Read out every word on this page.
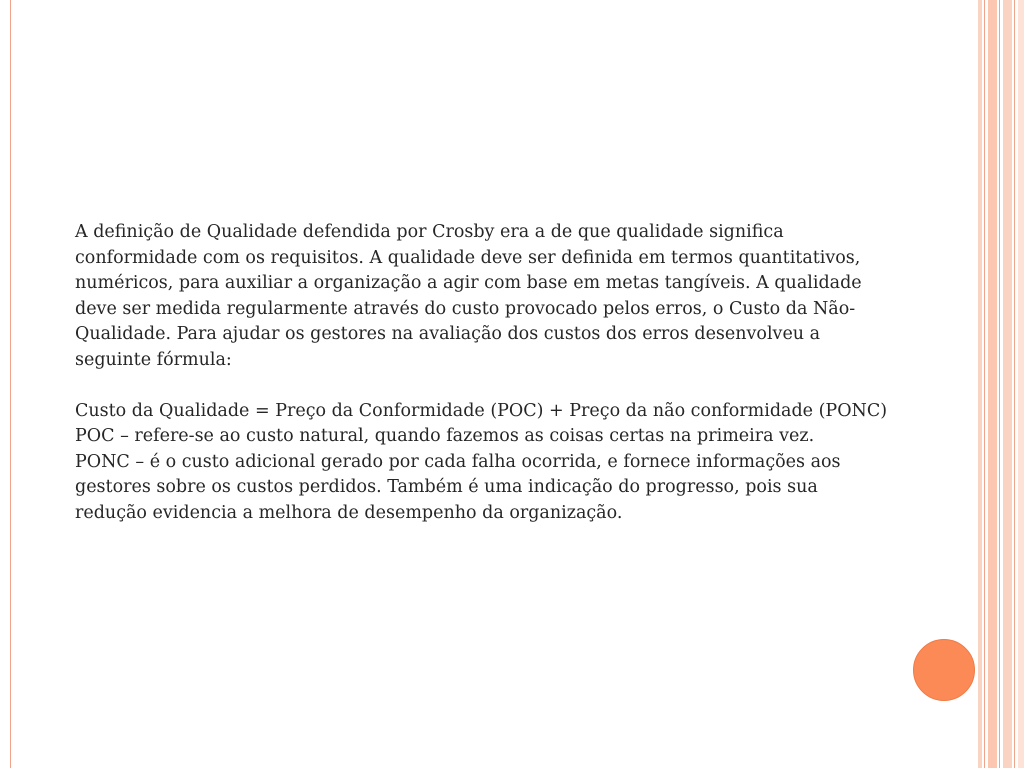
A definição de Qualidade defendida por Crosby era a de que qualidade significa conformidade com os requisitos. A qualidade deve ser definida em termos quantitativos, numéricos, para auxiliar a organização a agir com base em metas tangíveis. A qualidade deve ser medida regularmente através do custo provocado pelos erros, o Custo da Não-Qualidade. Para ajudar os gestores na avaliação dos custos dos erros desenvolveu a seguinte fórmula:

Custo da Qualidade = Preço da Conformidade (POC) + Preço da não conformidade (PONC)

POC – refere-se ao custo natural, quando fazemos as coisas certas na primeira vez.

PONC – é o custo adicional gerado por cada falha ocorrida, e fornece informações aos gestores sobre os custos perdidos. Também é uma indicação do progresso, pois sua redução evidencia a melhora de desempenho da organização.
